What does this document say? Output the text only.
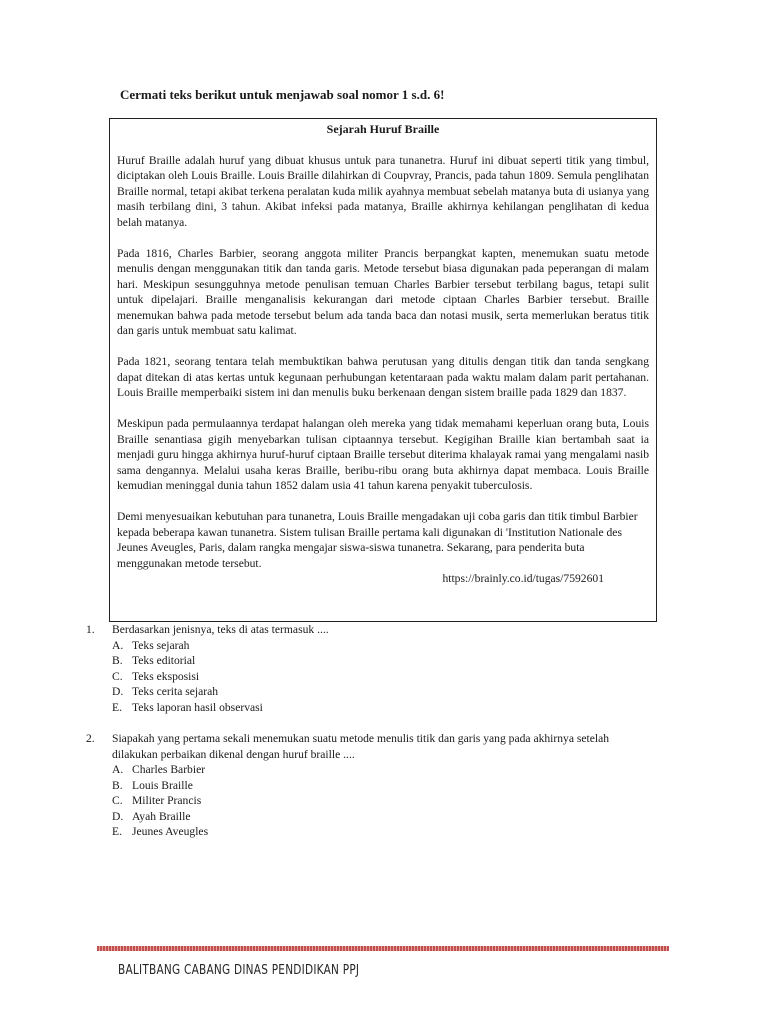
Cermati teks berikut untuk menjawab soal nomor 1 s.d. 6!
Sejarah Huruf Braille

Huruf Braille adalah huruf yang dibuat khusus untuk para tunanetra. Huruf ini dibuat seperti titik yang timbul, diciptakan oleh Louis Braille. Louis Braille dilahirkan di Coupvray, Prancis, pada tahun 1809. Semula penglihatan Braille normal, tetapi akibat terkena peralatan kuda milik ayahnya membuat sebelah matanya buta di usianya yang masih terbilang dini, 3 tahun. Akibat infeksi pada matanya, Braille akhirnya kehilangan penglihatan di kedua belah matanya.

Pada 1816, Charles Barbier, seorang anggota militer Prancis berpangkat kapten, menemukan suatu metode menulis dengan menggunakan titik dan tanda garis. Metode tersebut biasa digunakan pada peperangan di malam hari. Meskipun sesungguhnya metode penulisan temuan Charles Barbier tersebut terbilang bagus, tetapi sulit untuk dipelajari. Braille menganalisis kekurangan dari metode ciptaan Charles Barbier tersebut. Braille menemukan bahwa pada metode tersebut belum ada tanda baca dan notasi musik, serta memerlukan beratus titik dan garis untuk membuat satu kalimat.

Pada 1821, seorang tentara telah membuktikan bahwa perutusan yang ditulis dengan titik dan tanda sengkang dapat ditekan di atas kertas untuk kegunaan perhubungan ketentaraan pada waktu malam dalam parit pertahanan. Louis Braille memperbaiki sistem ini dan menulis buku berkenaan dengan sistem braille pada 1829 dan 1837.

Meskipun pada permulaannya terdapat halangan oleh mereka yang tidak memahami keperluan orang buta, Louis Braille senantiasa gigih menyebarkan tulisan ciptaannya tersebut. Kegigihan Braille kian bertambah saat ia menjadi guru hingga akhirnya huruf-huruf ciptaan Braille tersebut diterima khalayak ramai yang mengalami nasib sama dengannya. Melalui usaha keras Braille, beribu-ribu orang buta akhirnya dapat membaca. Louis Braille kemudian meninggal dunia tahun 1852 dalam usia 41 tahun karena penyakit tuberculosis.

Demi menyesuaikan kebutuhan para tunanetra, Louis Braille mengadakan uji coba garis dan titik timbul Barbier kepada beberapa kawan tunanetra. Sistem tulisan Braille pertama kali digunakan di 'Institution Nationale des Jeunes Aveugles, Paris, dalam rangka mengajar siswa-siswa tunanetra. Sekarang, para penderita buta menggunakan metode tersebut.

https://brainly.co.id/tugas/7592601
1.	Berdasarkan jenisnya, teks di atas termasuk ....

A. Teks sejarah
B. Teks editorial
C. Teks eksposisi
D. Teks cerita sejarah
E. Teks laporan hasil observasi
2.	Siapakah yang pertama sekali menemukan suatu metode menulis titik dan garis yang pada akhirnya setelah dilakukan perbaikan dikenal dengan huruf braille ....

A. Charles Barbier
B. Louis Braille
C. Militer Prancis
D. Ayah Braille
E. Jeunes Aveugles
BALITBANG CABANG DINAS PENDIDIKAN PPJ
